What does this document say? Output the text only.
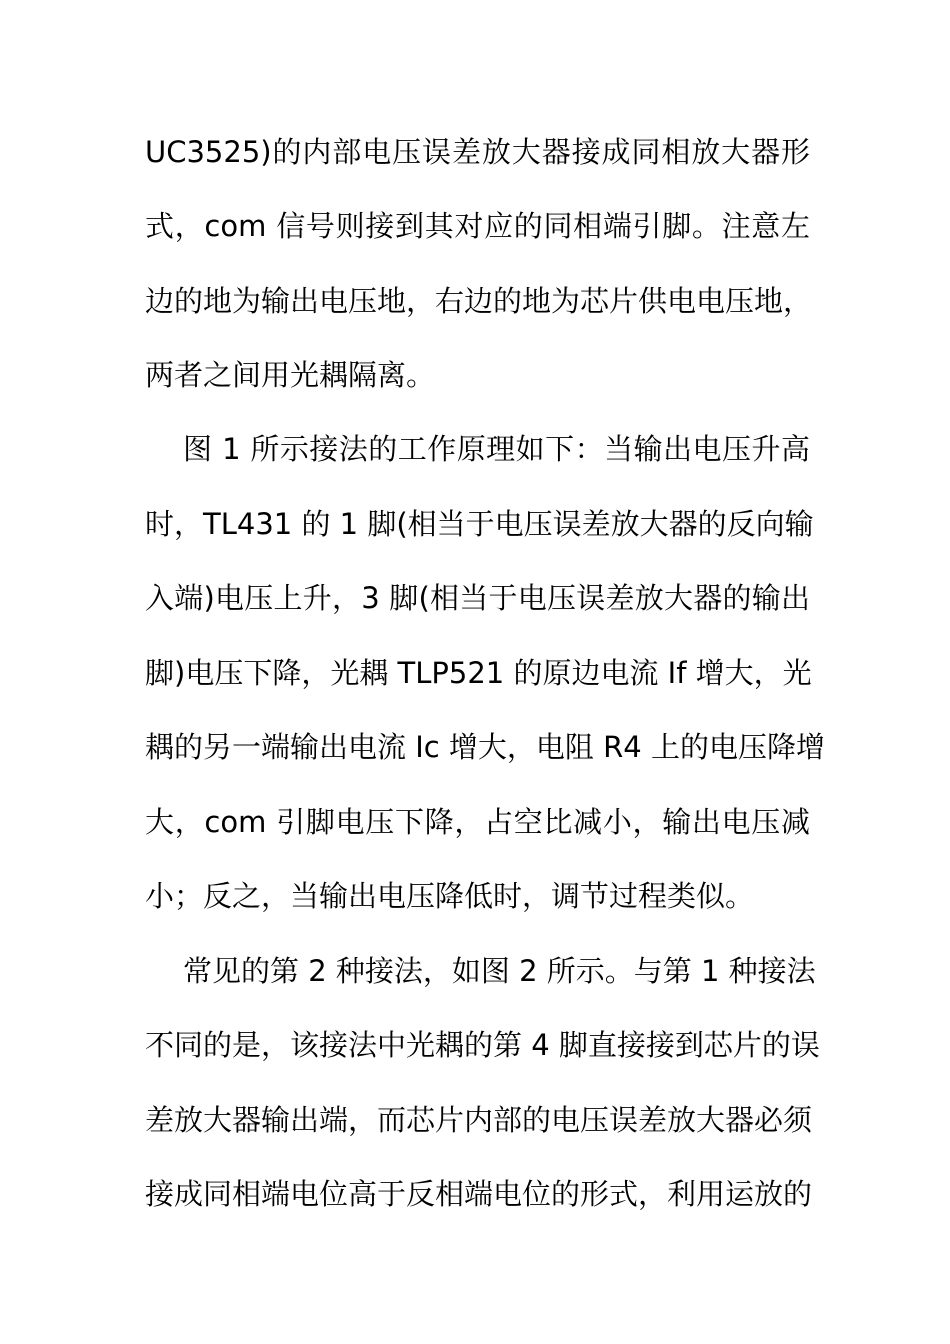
UC3525)的内部电压误差放大器接成同相放大器形
式，com 信号则接到其对应的同相端引脚。注意左
边的地为输出电压地，右边的地为芯片供电电压地，
两者之间用光耦隔离。
图 1 所示接法的工作原理如下：当输出电压升高
时，TL431 的 1 脚(相当于电压误差放大器的反向输
入端)电压上升，3 脚(相当于电压误差放大器的输出
脚)电压下降，光耦 TLP521 的原边电流 If 增大，光
耦的另一端输出电流 Ic 增大，电阻 R4 上的电压降增
大，com 引脚电压下降，占空比减小，输出电压减
小；反之，当输出电压降低时，调节过程类似。
常见的第 2 种接法，如图 2 所示。与第 1 种接法
不同的是，该接法中光耦的第 4 脚直接接到芯片的误
差放大器输出端，而芯片内部的电压误差放大器必须
接成同相端电位高于反相端电位的形式，利用运放的
